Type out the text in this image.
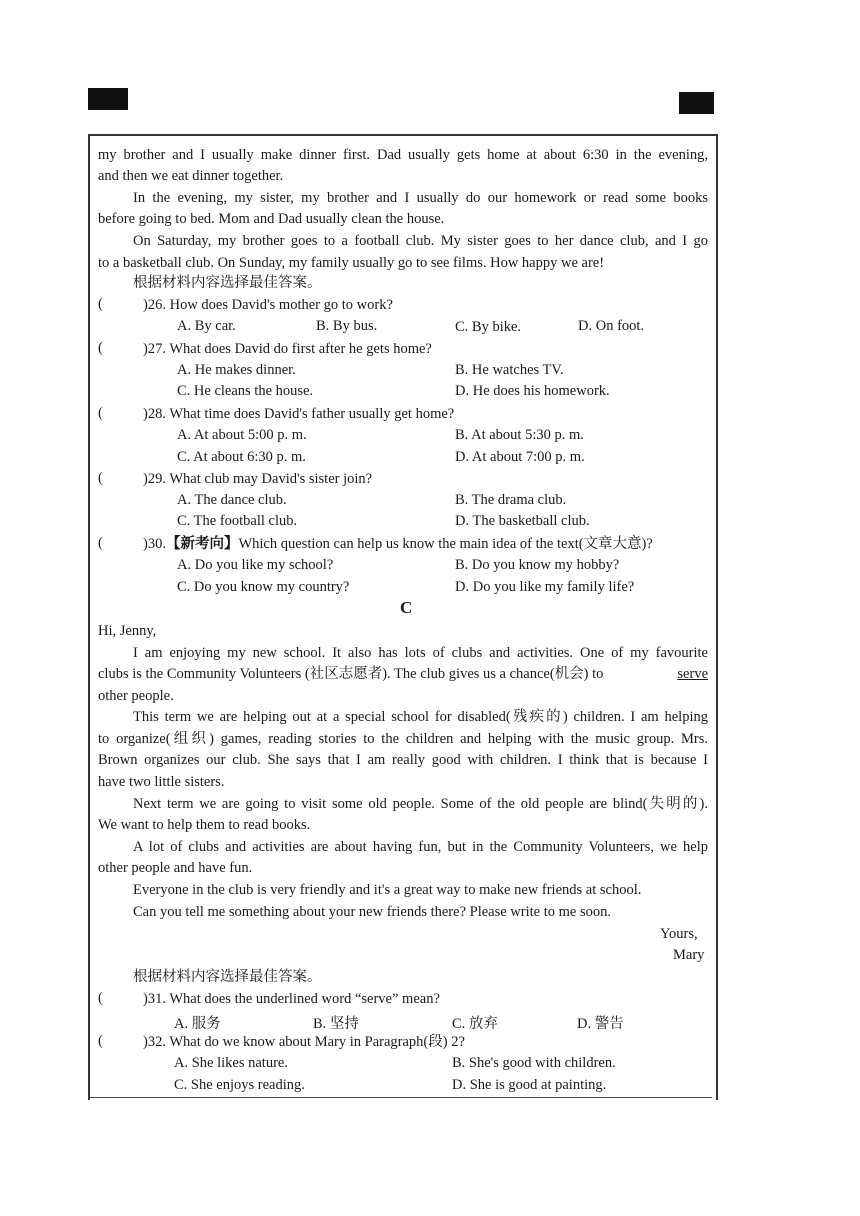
my brother and I usually make dinner first. Dad usually gets home at about 6:30 in the evening,
and then we eat dinner together.
In the evening, my sister, my brother and I usually do our homework or read some books
before going to bed. Mom and Dad usually clean the house.
On Saturday, my brother goes to a football club. My sister goes to her dance club, and I go
to a basketball club. On Sunday, my family usually go to see films. How happy we are!
根据材料内容选择最佳答案。
(	)26. How does David's mother go to work?
A. By car.	B. By bus.	C. By bike.	D. On foot.
(	)27. What does David do first after he gets home?
A. He makes dinner.	B. He watches TV.
C. He cleans the house.	D. He does his homework.
(	)28. What time does David's father usually get home?
A. At about 5:00 p. m.	B. At about 5:30 p. m.
C. At about 6:30 p. m.	D. At about 7:00 p. m.
(	)29. What club may David's sister join?
A. The dance club.	B. The drama club.
C. The football club.	D. The basketball club.
(	)30.【新考向】Which question can help us know the main idea of the text(文章大意)?
A. Do you like my school?	B. Do you know my hobby?
C. Do you know my country?	D. Do you like my family life?
C
Hi, Jenny,
I am enjoying my new school. It also has lots of clubs and activities. One of my favourite
clubs is the Community Volunteers (社区志愿者). The club gives us a chance(机会) to	serve
other people.
This term we are helping out at a special school for disabled(残疾的) children. I am helping
to organize(组织) games, reading stories to the children and helping with the music group. Mrs.
Brown organizes our club. She says that I am really good with children. I think that is because I
have two little sisters.
Next term we are going to visit some old people. Some of the old people are blind(失明的).
We want to help them to read books.
A lot of clubs and activities are about having fun, but in the Community Volunteers, we help
other people and have fun.
Everyone in the club is very friendly and it's a great way to make new friends at school.
Can you tell me something about your new friends there? Please write to me soon.
Yours,
Mary
根据材料内容选择最佳答案。
(	)31. What does the underlined word “serve” mean?
A. 服务	B. 坚持	C. 放弃	D. 警告
(	)32. What do we know about Mary in Paragraph(段) 2?
A. She likes nature.	B. She's good with children.
C. She enjoys reading.	D. She is good at painting.
